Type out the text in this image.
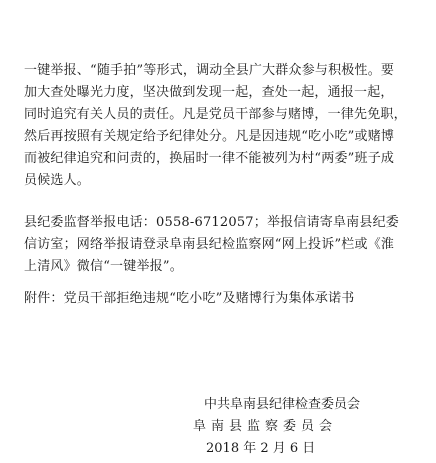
一键举报、“随手拍”等形式，调动全县广大群众参与积极性。要
加大查处曝光力度，坚决做到发现一起，查处一起，通报一起，
同时追究有关人员的责任。凡是党员干部参与赌博，一律先免职，
然后再按照有关规定给予纪律处分。凡是因违规“吃小吃”或赌博
而被纪律追究和问责的，换届时一律不能被列为村“两委”班子成
员候选人。
县纪委监督举报电话：0558-6712057；举报信请寄阜南县纪委
信访室；网络举报请登录阜南县纪检监察网“网上投诉”栏或《淮
上清风》微信“一键举报”。
附件：党员干部拒绝违规“吃小吃”及赌博行为集体承诺书
中共阜南县纪律检查委员会
阜南县监察委员会
2018 年 2 月 6 日
